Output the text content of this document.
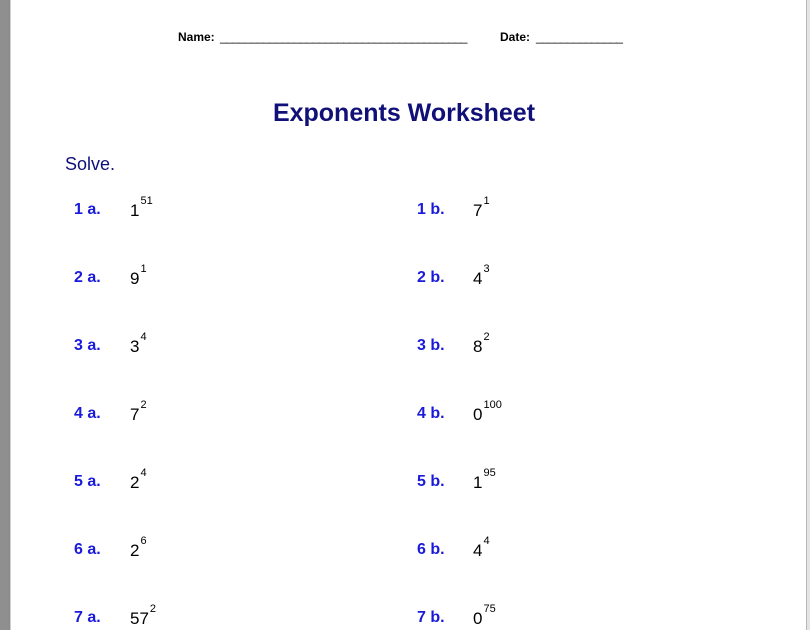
Name: ________________________________________	Date: ______________
Exponents Worksheet
Solve.
1 a. $1^{51}$	1 b. $7^1$
2 a. $9^1$	2 b. $4^3$
3 a. $3^4$	3 b. $8^2$
4 a. $7^2$	4 b. $0^{100}$
5 a. $2^4$	5 b. $1^{95}$
6 a. $2^6$	6 b. $4^4$
7 a. $57^2$	7 b. $0^{75}$
